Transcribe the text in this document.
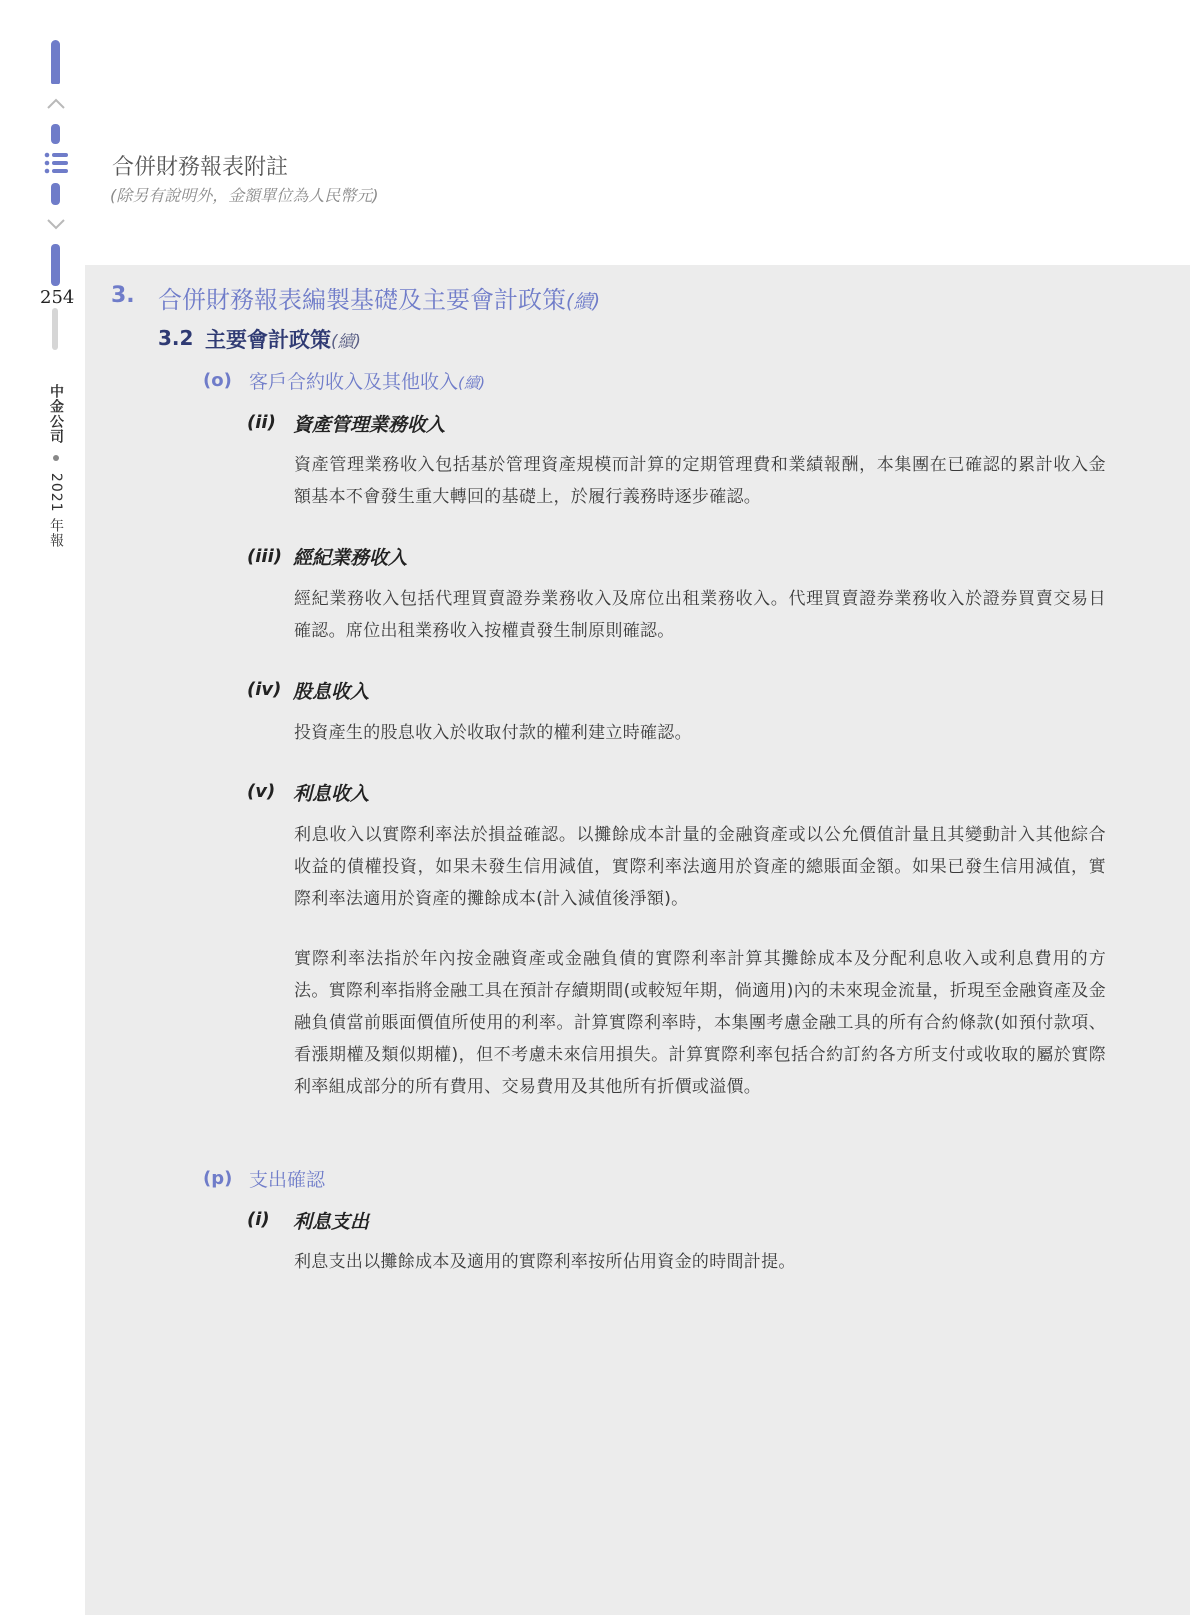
254
中金公司  2021 年報
合併財務報表附註
(除另有說明外，金額單位為人民幣元)
3. 合併財務報表編製基礎及主要會計政策(續)
3.2 主要會計政策(續)
(o) 客戶合約收入及其他收入(續)
(ii) 資產管理業務收入
資產管理業務收入包括基於管理資產規模而計算的定期管理費和業績報酬，本集團在已確認的累計收入金額基本不會發生重大轉回的基礎上，於履行義務時逐步確認。
(iii) 經紀業務收入
經紀業務收入包括代理買賣證券業務收入及席位出租業務收入。代理買賣證券業務收入於證券買賣交易日確認。席位出租業務收入按權責發生制原則確認。
(iv) 股息收入
投資產生的股息收入於收取付款的權利建立時確認。
(v) 利息收入
利息收入以實際利率法於損益確認。以攤餘成本計量的金融資產或以公允價值計量且其變動計入其他綜合收益的債權投資，如果未發生信用減值，實際利率法適用於資產的總賬面金額。如果已發生信用減值，實際利率法適用於資產的攤餘成本(計入減值後淨額)。
實際利率法指於年內按金融資產或金融負債的實際利率計算其攤餘成本及分配利息收入或利息費用的方法。實際利率指將金融工具在預計存續期間(或較短年期，倘適用)內的未來現金流量，折現至金融資產及金融負債當前賬面價值所使用的利率。計算實際利率時，本集團考慮金融工具的所有合約條款(如預付款項、看漲期權及類似期權)，但不考慮未來信用損失。計算實際利率包括合約訂約各方所支付或收取的屬於實際利率組成部分的所有費用、交易費用及其他所有折價或溢價。
(p) 支出確認
(i) 利息支出
利息支出以攤餘成本及適用的實際利率按所佔用資金的時間計提。
